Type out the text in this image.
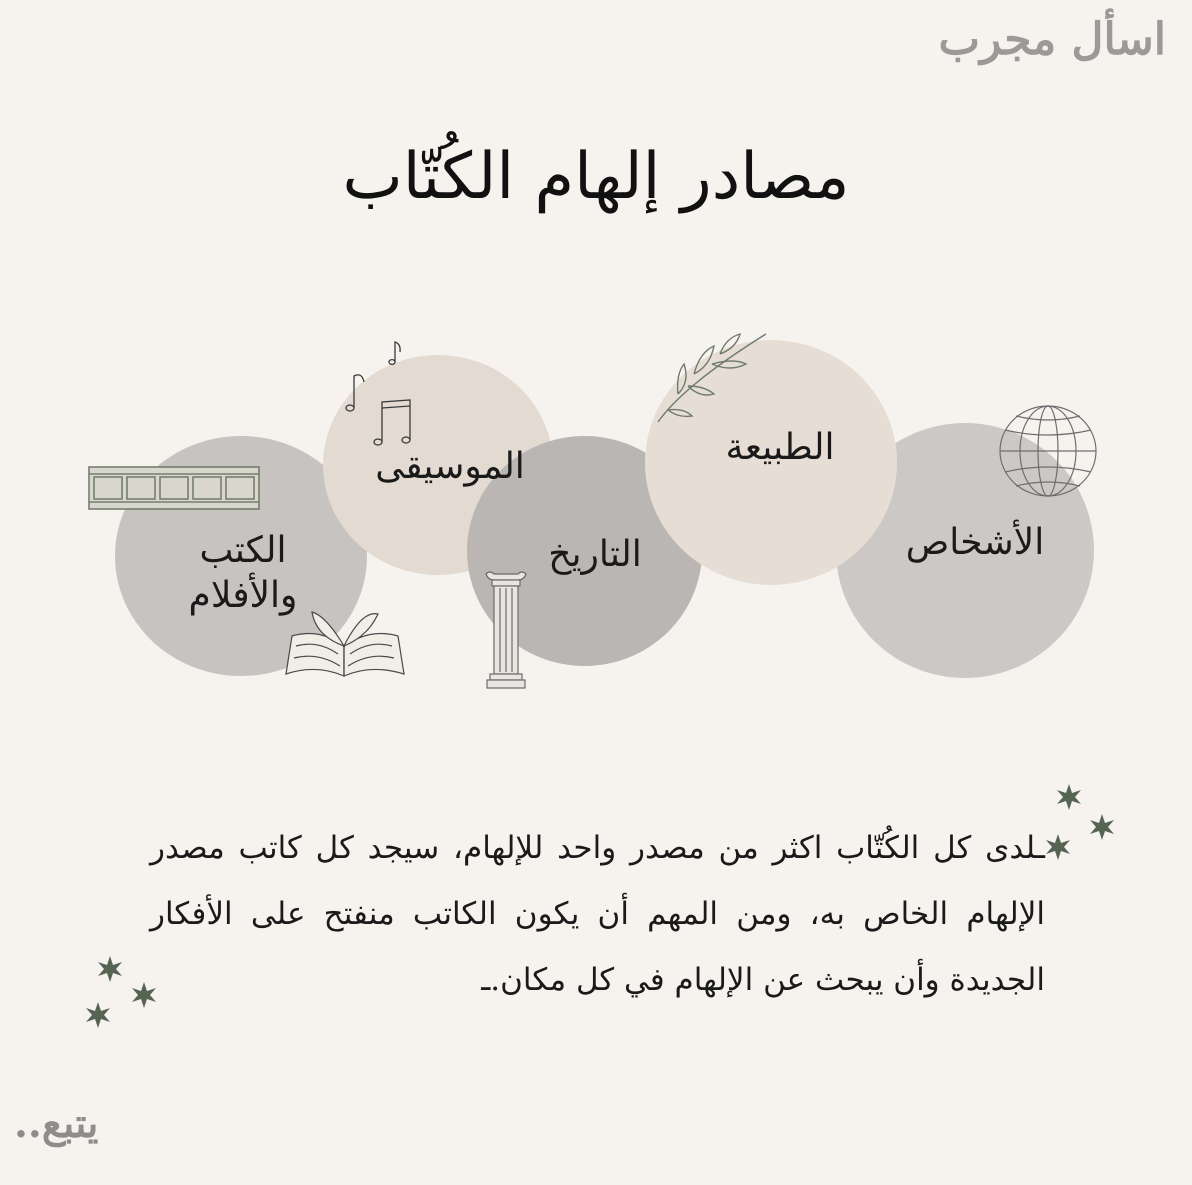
اسأل مجرب
مصادر إلهام الكُتّاب
الأشخاص
الطبيعة
التاريخ
الموسيقى
الكتب
والأفلام
ـلدى كل الكُتّاب اكثر من مصدر واحد للإلهام، سيجد كل كاتب مصدر الإلهام الخاص به، ومن المهم أن يكون الكاتب منفتح على الأفكار الجديدة وأن يبحث عن الإلهام في كل مكان.ـ
يتبع..
